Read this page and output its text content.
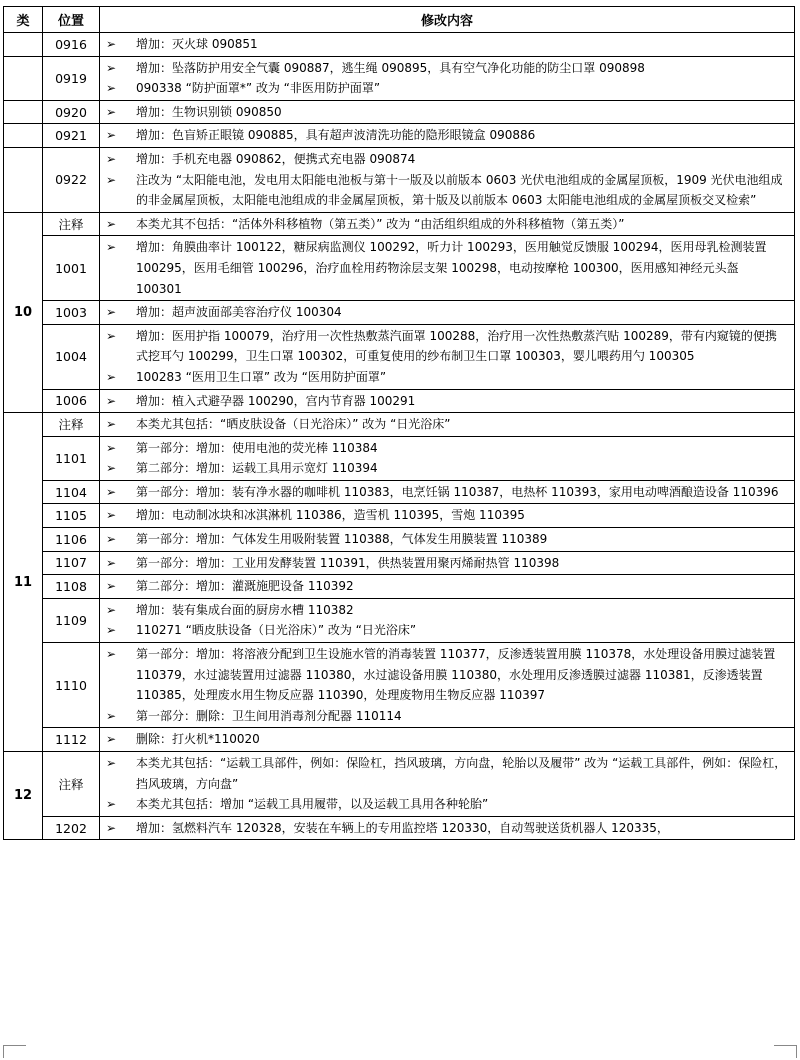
类	位置	修改内容
	0916	➢ 增加：灭火球 090851

	0919	➢ 增加：坠落防护用安全气囊 090887，逃生绳 090895，具有空气净化功能的防尘口罩 090898
➢ 090338 “防护面罩*” 改为 “非医用防护面罩”

	0920	➢ 增加：生物识别锁 090850

	0921	➢ 增加：色盲矫正眼镜 090885，具有超声波清洗功能的隐形眼镜盒 090886

	0922	➢ 增加：手机充电器 090862，便携式充电器 090874
➢ 注改为 “太阳能电池，发电用太阳能电池板与第十一版及以前版本 0603 光伏电池组成的金属屋顶板，1909 光伏电池组成的非金属屋顶板，太阳能电池组成的非金属屋顶板，第十版及以前版本 0603 太阳能电池组成的金属屋顶板交叉检索”

10	注释	➢ 本类尤其不包括：“活体外科移植物（第五类）” 改为 “由活组织组成的外科移植物（第五类）”

	1001	➢ 增加：角膜曲率计 100122，糖尿病监测仪 100292，听力计 100293，医用触觉反馈服 100294，医用母乳检测装置 100295，医用毛细管 100296，治疗血栓用药物涂层支架 100298，电动按摩枪 100300，医用感知神经元头盔 100301

	1003	➢ 增加：超声波面部美容治疗仪 100304

	1004	➢ 增加：医用护指 100079，治疗用一次性热敷蒸汽面罩 100288，治疗用一次性热敷蒸汽贴 100289，带有内窥镜的便携式挖耳勺 100299，卫生口罩 100302，可重复使用的纱布制卫生口罩 100303，婴儿喂药用勺 100305
➢ 100283 “医用卫生口罩” 改为 “医用防护面罩”

	1006	➢ 增加：植入式避孕器 100290，宫内节育器 100291

11	注释	➢ 本类尤其包括：“晒皮肤设备（日光浴床）” 改为 “日光浴床”

	1101	➢ 第一部分：增加：使用电池的荧光棒 110384
➢ 第二部分：增加：运载工具用示宽灯 110394

	1104	➢ 第一部分：增加：装有净水器的咖啡机 110383，电烹饪锅 110387，电热杯 110393，家用电动啤酒酿造设备 110396

	1105	➢ 增加：电动制冰块和冰淇淋机 110386，造雪机 110395，雪炮 110395

	1106	➢ 第一部分：增加：气体发生用吸附装置 110388，气体发生用膜装置 110389

	1107	➢ 第一部分：增加：工业用发酵装置 110391，供热装置用聚丙烯耐热管 110398

	1108	➢ 第二部分：增加：灌溉施肥设备 110392

	1109	➢ 增加：装有集成台面的厨房水槽 110382
➢ 110271 “晒皮肤设备（日光浴床）” 改为 “日光浴床”

	1110	➢ 第一部分：增加：将溶液分配到卫生设施水管的消毒装置 110377，反渗透装置用膜 110378，水处理设备用膜过滤装置 110379，水过滤装置用过滤器 110380，水过滤设备用膜 110380，水处理用反渗透膜过滤器 110381，反渗透装置 110385，处理废水用生物反应器 110390，处理废物用生物反应器 110397
➢ 第一部分：删除：卫生间用消毒剂分配器 110114

	1112	➢ 删除：打火机*110020

12	注释	➢ 本类尤其包括：“运载工具部件，例如：保险杠，挡风玻璃，方向盘，轮胎以及履带” 改为 “运载工具部件，例如：保险杠，挡风玻璃，方向盘”
➢ 本类尤其包括：增加 “运载工具用履带，以及运载工具用各种轮胎”

	1202	➢ 增加：氢燃料汽车 120328，安装在车辆上的专用监控塔 120330，自动驾驶送货机器人 120335，
